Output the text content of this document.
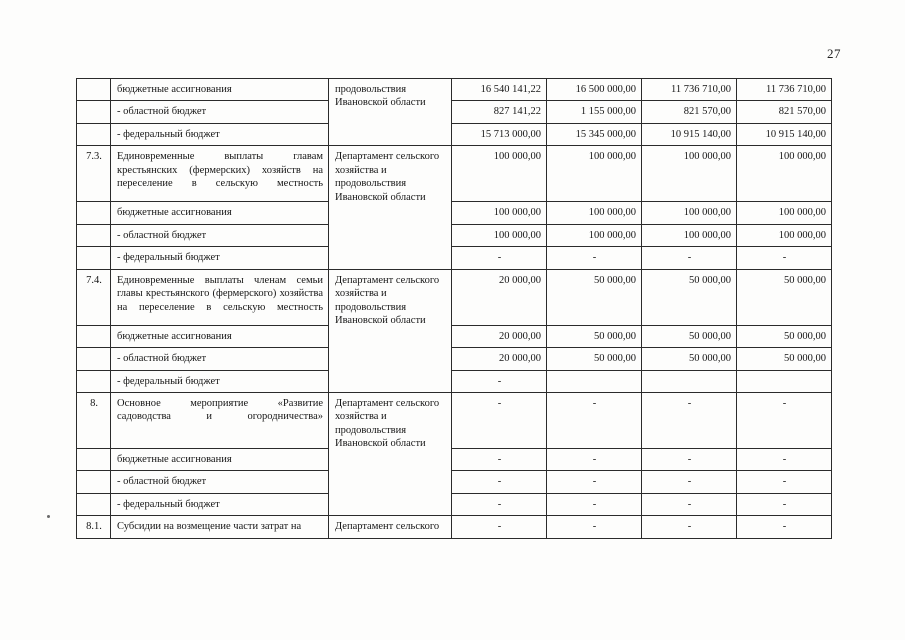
27
	бюджетные ассигнования	продовольствия Ивановской области	16 540 141,22	16 500 000,00	11 736 710,00	11 736 710,00
	- областной бюджет		827 141,22	1 155 000,00	821 570,00	821 570,00
	- федеральный бюджет		15 713 000,00	15 345 000,00	10 915 140,00	10 915 140,00
7.3.	Единовременные выплаты главам крестьянских (фермерских) хозяйств на переселение в сельскую местность	Департамент сельского хозяйства и продовольствия Ивановской области	100 000,00	100 000,00	100 000,00	100 000,00
	бюджетные ассигнования		100 000,00	100 000,00	100 000,00	100 000,00
	- областной бюджет		100 000,00	100 000,00	100 000,00	100 000,00
	- федеральный бюджет		-	-	-	-
7.4.	Единовременные выплаты членам семьи главы крестьянского (фермерского) хозяйства на переселение в сельскую местность	Департамент сельского хозяйства и продовольствия Ивановской области	20 000,00	50 000,00	50 000,00	50 000,00
	бюджетные ассигнования		20 000,00	50 000,00	50 000,00	50 000,00
	- областной бюджет		20 000,00	50 000,00	50 000,00	50 000,00
	- федеральный бюджет		-			
8.	Основное мероприятие «Развитие садоводства и огородничества»	Департамент сельского хозяйства и продовольствия Ивановской области	-	-	-	-
	бюджетные ассигнования		-	-	-	-
	- областной бюджет		-	-	-	-
	- федеральный бюджет		-	-	-	-
8.1.	Субсидии на возмещение части затрат на	Департамент сельского	-	-	-	-
